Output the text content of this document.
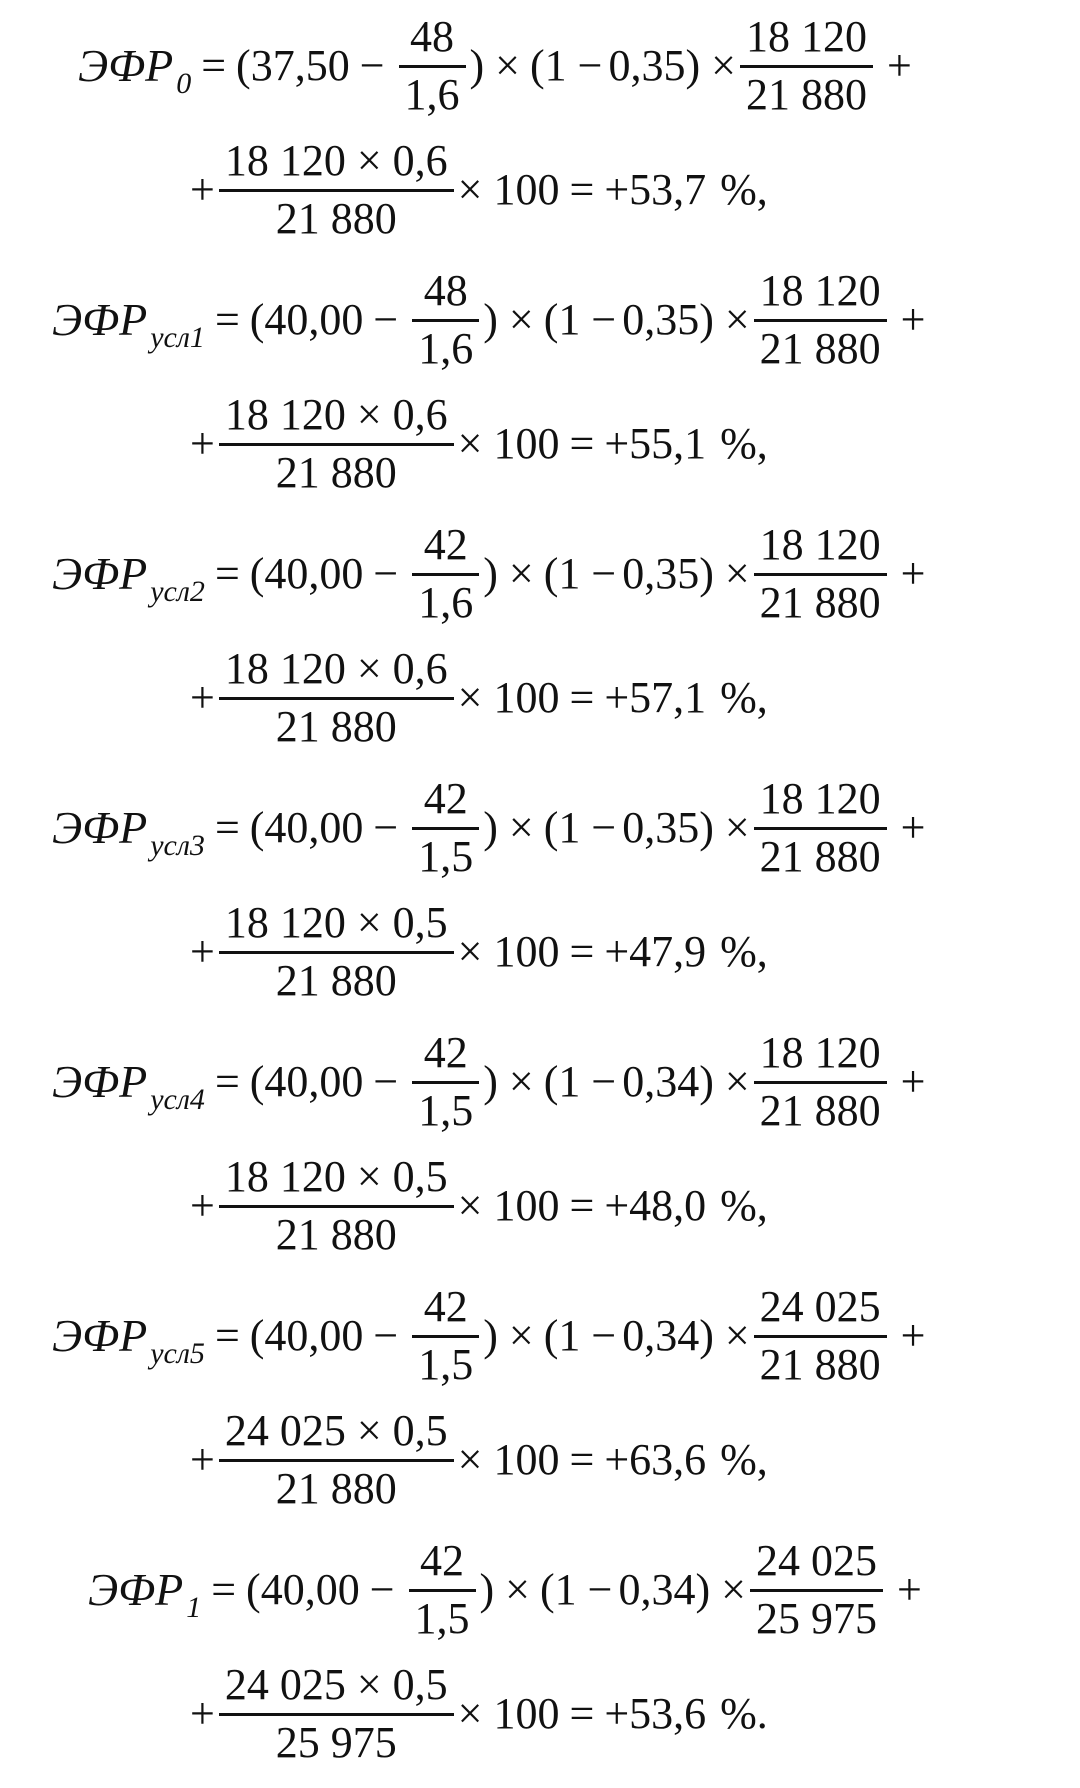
ЭФР 0 = ( $37,50 - \frac{48}{1,6}$ ) × (1 − 0,35 ) × $\frac{18 120}{21 880}$ +
+ $\frac{18 120 \times 0,6}{21 880} \times 100 = +53,7$ % ,
ЭФР усл1 = ( $40,00 - \frac{48}{1,6}$ ) × (1 − 0,35 ) × $\frac{18 120}{21 880}$ +
+ $\frac{18 120 \times 0,6}{21 880} \times 100 = +55,1$ % ,
ЭФР усл2 = ( $40,00 - \frac{42}{1,6}$ ) × (1 − 0,35 ) × $\frac{18 120}{21 880}$ +
+ $\frac{18 120 \times 0,6}{21 880} \times 100 = +57,1$ % ,
ЭФР усл3 = ( $40,00 - \frac{42}{1,5}$ ) × (1 − 0,35 ) × $\frac{18 120}{21 880}$ +
+ $\frac{18 120 \times 0,5}{21 880} \times 100 = +47,9$ % ,
ЭФР усл4 = ( $40,00 - \frac{42}{1,5}$ ) × (1 − 0,34 ) × $\frac{18 120}{21 880}$ +
+ $\frac{18 120 \times 0,5}{21 880} \times 100 = +48,0$ % ,
ЭФР усл5 = ( $40,00 - \frac{42}{1,5}$ ) × (1 − 0,34 ) × $\frac{24 025}{21 880}$ +
+ $\frac{24 025 \times 0,5}{21 880} \times 100 = +63,6$ % ,
ЭФР 1 = ( $40,00 - \frac{42}{1,5}$ ) × (1 − 0,34 ) × $\frac{24 025}{25 975}$ +
+ $\frac{24 025 \times 0,5}{25 975} \times 100 = +53,6$ % .
